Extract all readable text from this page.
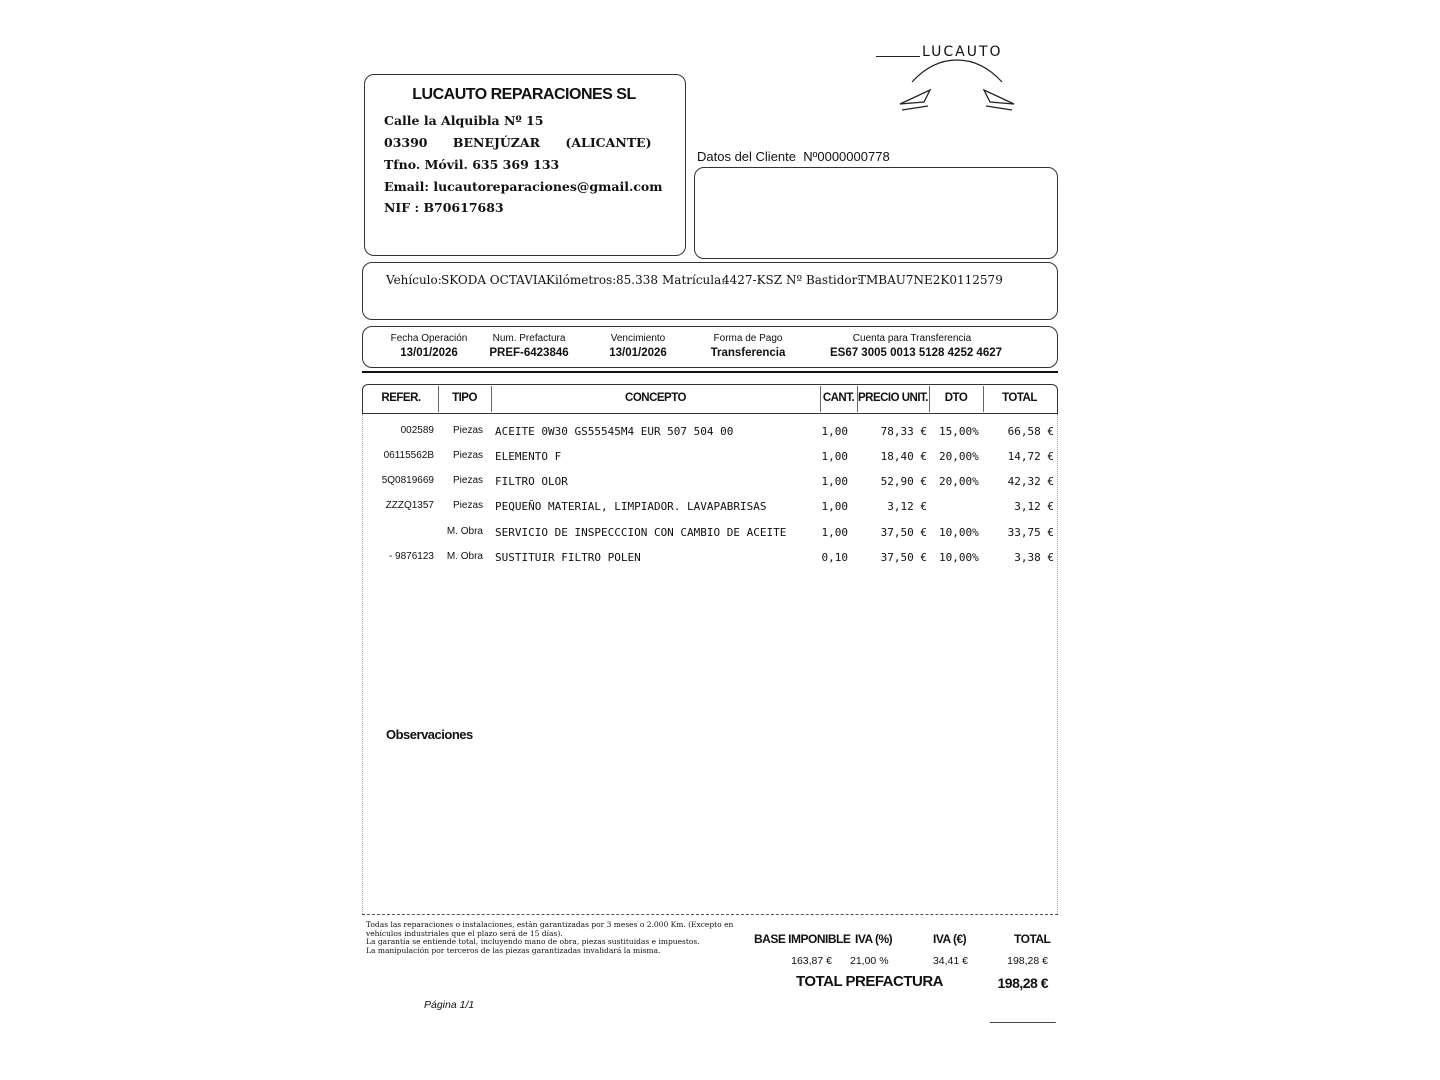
LUCAUTO
LUCAUTO REPARACIONES SL
Calle la Alquibla Nº 15
03390 BENEJÚZAR (ALICANTE)
Tfno. Móvil. 635 369 133
Email: lucautoreparaciones@gmail.com
NIF : B70617683
Datos del Cliente Nº0000000778
Vehículo: SKODA OCTAVIA Kilómetros: 85.338 Matrícula:
4427-KSZ Nº Bastidor:
TMBAU7NE2K0112579
Fecha Operación
13/01/2026
Num. Prefactura
PREF-6423846
Vencimiento
13/01/2026
Forma de Pago
Transferencia
Cuenta para Transferencia
ES67 3005 0013 5128 4252 4627
REFER.	TIPO	CONCEPTO	CANT. PRECIO UNIT.	DTO	TOTAL
002589	Piezas ACEITE 0W30 GS55545M4 EUR 507 504 00	1,00	78,33 € 15,00%	66,58 €
06115562B	Piezas ELEMENTO F	1,00	18,40 € 20,00%	14,72 €
5Q0819669	Piezas FILTRO OLOR	1,00	52,90 € 20,00%	42,32 €
ZZZQ1357	Piezas PEQUEÑO MATERIAL, LIMPIADOR. LAVAPABRISAS	1,00	3,12 €	3,12 €
M. Obra SERVICIO DE INSPECCCION CON CAMBIO DE ACEITE	1,00	37,50 € 10,00%	33,75 €
- 9876123	M. Obra SUSTITUIR FILTRO POLEN	0,10	37,50 € 10,00%	3,38 €
Observaciones
Todas las reparaciones o instalaciones, están garantizadas por 3 meses o 2.000 Km. (Excepto en vehículos industriales que el plazo será de 15 días).
La garantía se entiende total, incluyendo mano de obra, piezas sustituidas e impuestos.
La manipulación por terceros de las piezas garantizadas invalidará la misma.
BASE IMPONIBLE IVA (%)	IVA (€)	TOTAL
163,87 € 21,00 %	34,41 €	198,28 €
TOTAL PREFACTURA	198,28 €
Página 1/1
